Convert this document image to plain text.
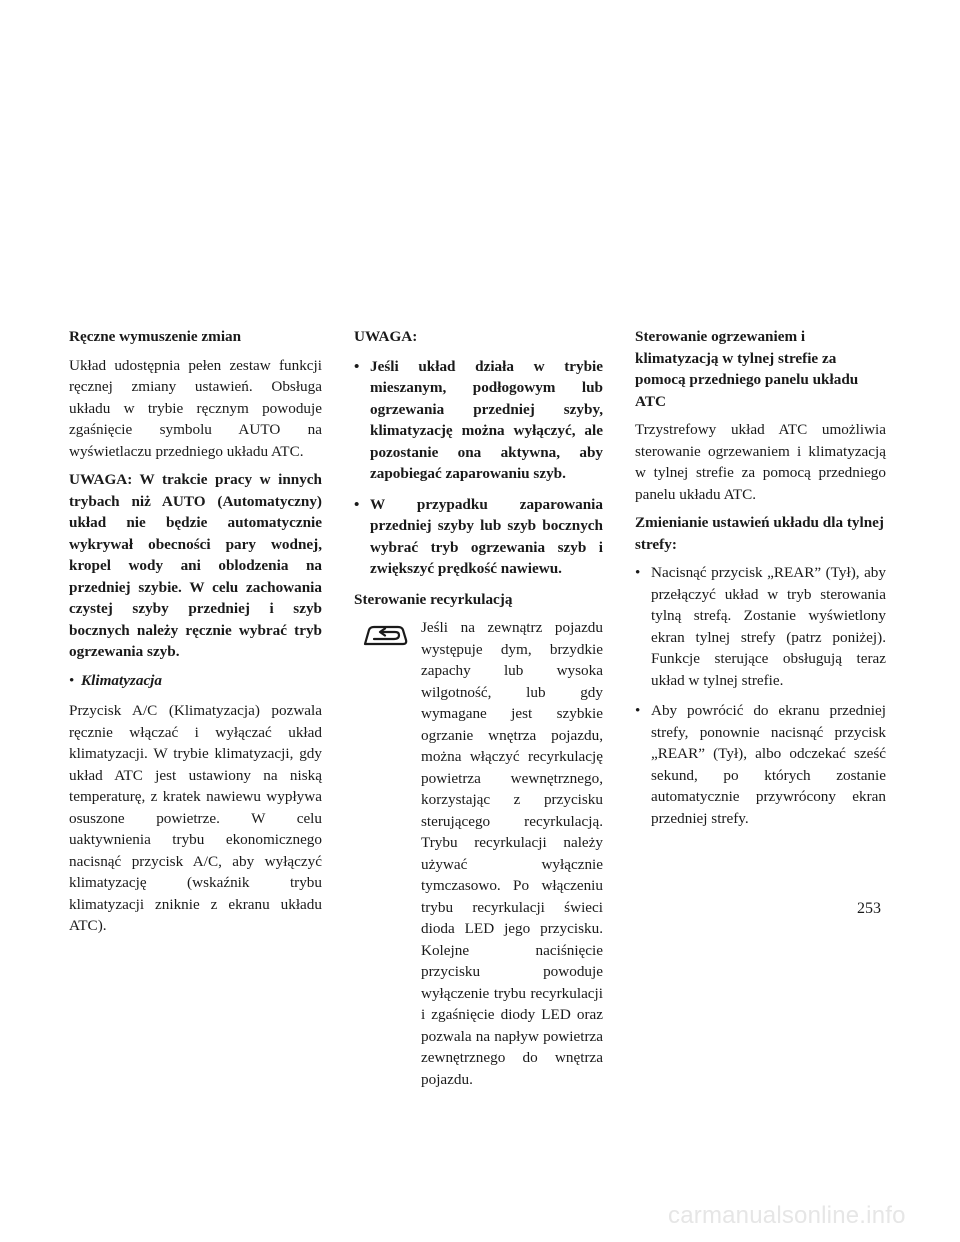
Ręczne wymuszenie zmian
Układ udostępnia pełen zestaw funkcji ręcznej zmiany ustawień. Obsługa układu w trybie ręcznym powoduje zgaśnięcie symbolu AUTO na wyświetlaczu przedniego układu ATC.
UWAGA: W trakcie pracy w innych trybach niż AUTO (Automatyczny) układ nie będzie automatycznie wykrywał obecności pary wodnej, kropel wody ani oblodzenia na przedniej szybie. W celu zachowania czystej szyby przedniej i szyb bocznych należy ręcznie wybrać tryb ogrzewania szyb.
• Klimatyzacja
Przycisk A/C (Klimatyzacja) pozwala ręcznie włączać i wyłączać układ klimatyzacji. W trybie klimatyzacji, gdy układ ATC jest ustawiony na niską temperaturę, z kratek nawiewu wypływa osuszone powietrze. W celu uaktywnienia trybu ekonomicznego nacisnąć przycisk A/C, aby wyłączyć klimatyzację (wskaźnik trybu klimatyzacji zniknie z ekranu układu ATC).
UWAGA:
• Jeśli układ działa w trybie mieszanym, podłogowym lub ogrzewania przedniej szyby, klimatyzację można wyłączyć, ale pozostanie ona aktywna, aby zapobiegać zaparowaniu szyb.
• W przypadku zaparowania przedniej szyby lub szyb bocznych wybrać tryb ogrzewania szyb i zwiększyć prędkość nawiewu.
Sterowanie recyrkulacją
Jeśli na zewnątrz pojazdu występuje dym, brzydkie zapachy lub wysoka wilgotność, lub gdy wymagane jest szybkie ogrzanie wnętrza pojazdu, można włączyć recyrkulację powietrza wewnętrznego, korzystając z przycisku sterującego recyrkulacją. Trybu recyrkulacji należy używać wyłącznie tymczasowo. Po włączeniu trybu recyrkulacji świeci dioda LED jego przycisku. Kolejne naciśnięcie przycisku powoduje wyłączenie trybu recyrkulacji i zgaśnięcie diody LED oraz pozwala na napływ powietrza zewnętrznego do wnętrza pojazdu.
Sterowanie ogrzewaniem i klimatyzacją w tylnej strefie za pomocą przedniego panelu układu ATC
Trzystrefowy układ ATC umożliwia sterowanie ogrzewaniem i klimatyzacją w tylnej strefie za pomocą przedniego panelu układu ATC.
Zmienianie ustawień układu dla tylnej strefy:
• Nacisnąć przycisk „REAR” (Tył), aby przełączyć układ w tryb sterowania tylną strefą. Zostanie wyświetlony ekran tylnej strefy (patrz poniżej). Funkcje sterujące obsługują teraz układ w tylnej strefie.
• Aby powrócić do ekranu przedniej strefy, ponownie nacisnąć przycisk „REAR” (Tył), albo odczekać sześć sekund, po których zostanie automatycznie przywrócony ekran przedniej strefy.
253
carmanualsonline.info
